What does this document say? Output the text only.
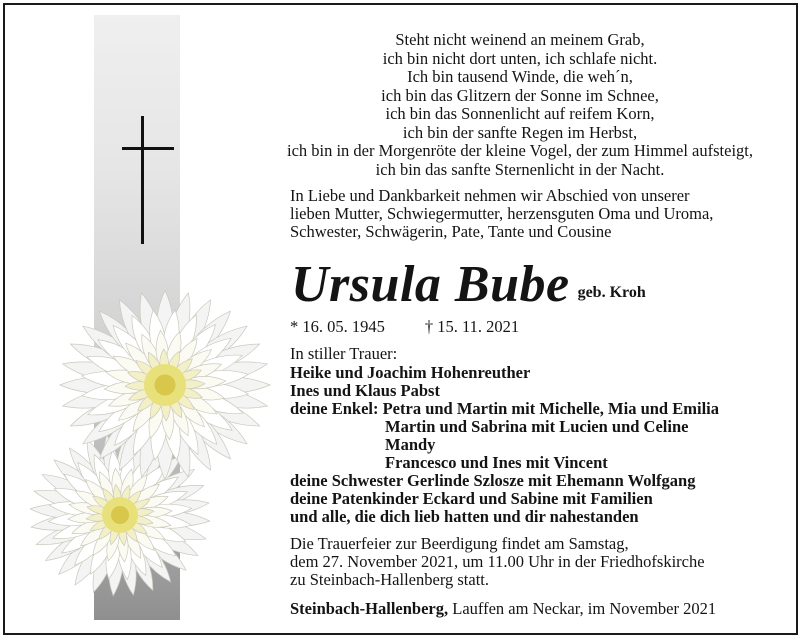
Steht nicht weinend an meinem Grab,
ich bin nicht dort unten, ich schlafe nicht.
Ich bin tausend Winde, die weh´n,
ich bin das Glitzern der Sonne im Schnee,
ich bin das Sonnenlicht auf reifem Korn,
ich bin der sanfte Regen im Herbst,
ich bin in der Morgenröte der kleine Vogel, der zum Himmel aufsteigt,
ich bin das sanfte Sternenlicht in der Nacht.
In Liebe und Dankbarkeit nehmen wir Abschied von unserer
lieben Mutter, Schwiegermutter, herzensguten Oma und Uroma,
Schwester, Schwägerin, Pate, Tante und Cousine
Ursula Bube geb. Kroh
* 16. 05. 1945 † 15. 11. 2021
In stiller Trauer:
Heike und Joachim Hohenreuther
Ines und Klaus Pabst
deine Enkel: Petra und Martin mit Michelle, Mia und Emilia
Martin und Sabrina mit Lucien und Celine
Mandy
Francesco und Ines mit Vincent
deine Schwester Gerlinde Szlosze mit Ehemann Wolfgang
deine Patenkinder Eckard und Sabine mit Familien
und alle, die dich lieb hatten und dir nahestanden
Die Trauerfeier zur Beerdigung findet am Samstag,
dem 27. November 2021, um 11.00 Uhr in der Friedhofskirche
zu Steinbach-Hallenberg statt.
Steinbach-Hallenberg, Lauffen am Neckar, im November 2021
